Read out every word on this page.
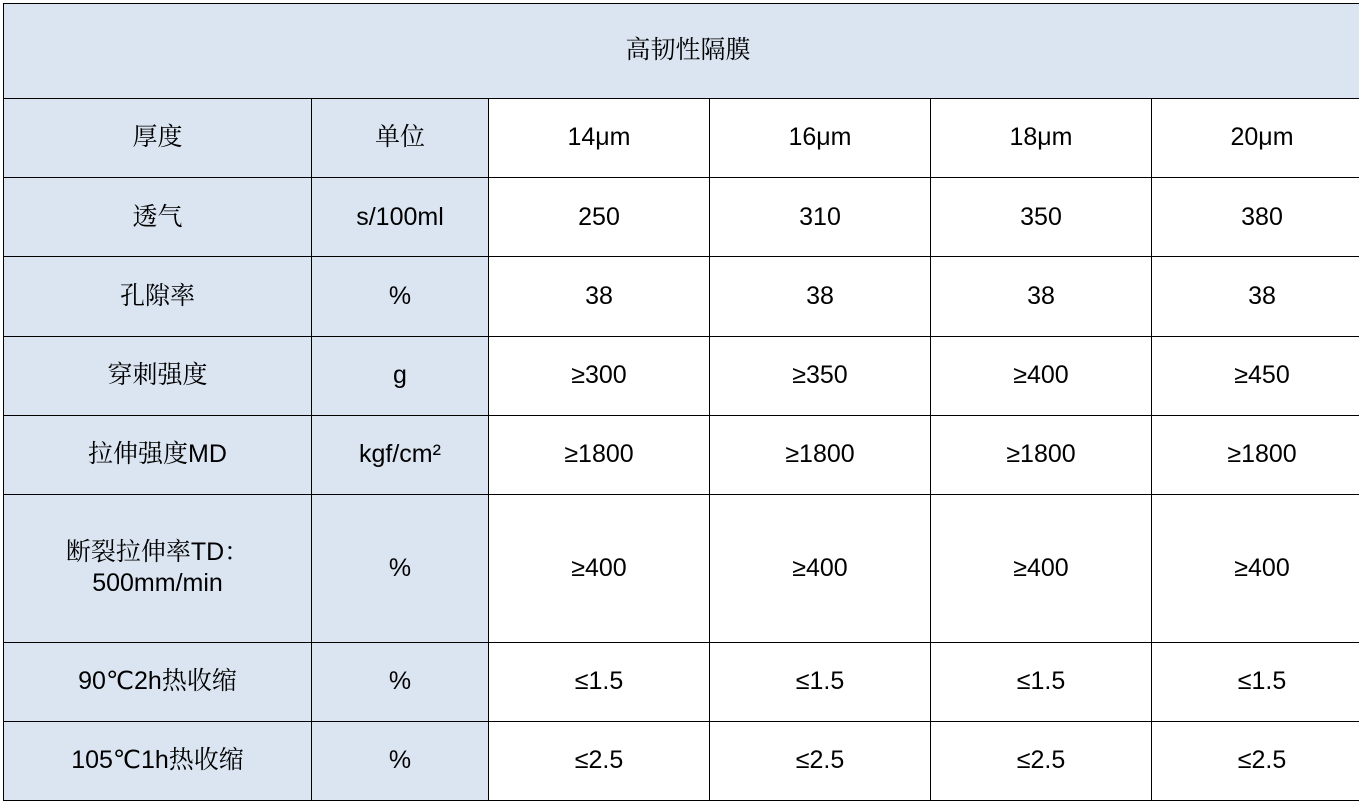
高韧性隔膜					
厚度	单位	14μm	16μm	18μm	20μm
透气	s/100ml	250	310	350	380
孔隙率	%	38	38	38	38
穿刺强度	g	≥300	≥350	≥400	≥450
拉伸强度MD	kgf/cm²	≥1800	≥1800	≥1800	≥1800
断裂拉伸率TD：500mm/min	%	≥400	≥400	≥400	≥400
90℃2h热收缩	%	≤1.5	≤1.5	≤1.5	≤1.5
105℃1h热收缩	%	≤2.5	≤2.5	≤2.5	≤2.5
